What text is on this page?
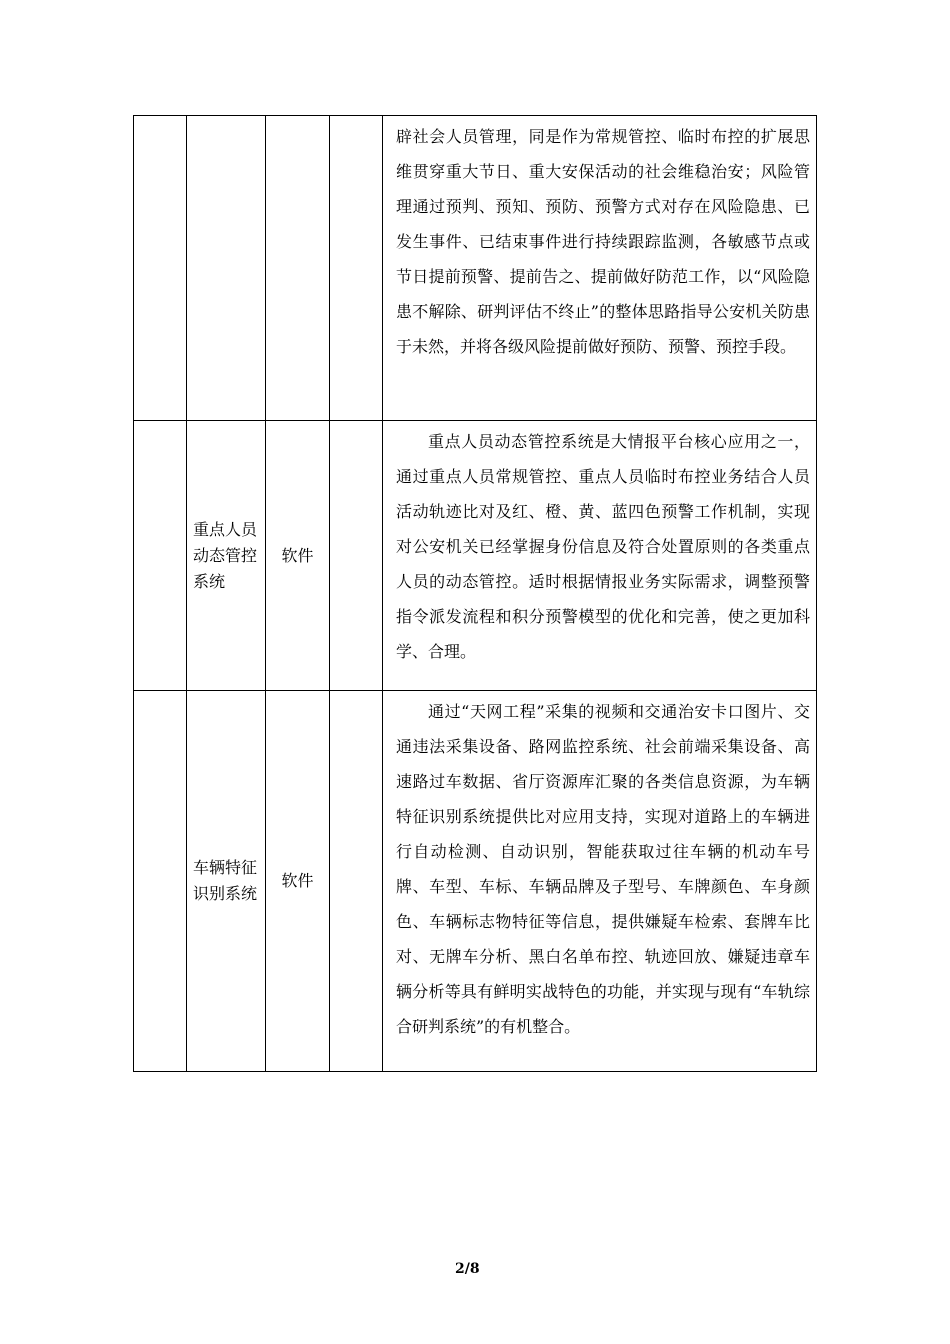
				辟社会人员管理，同是作为常规管控、临时布控的扩展思维贯穿重大节日、重大安保活动的社会维稳治安；风险管理通过预判、预知、预防、预警方式对存在风险隐患、已发生事件、已结束事件进行持续跟踪监测，各敏感节点或节日提前预警、提前告之、提前做好防范工作，以“风险隐患不解除、研判评估不终止”的整体思路指导公安机关防患于未然，并将各级风险提前做好预防、预警、预控手段。

	重点人员动态管控系统	软件		重点人员动态管控系统是大情报平台核心应用之一，通过重点人员常规管控、重点人员临时布控业务结合人员活动轨迹比对及红、橙、黄、蓝四色预警工作机制，实现对公安机关已经掌握身份信息及符合处置原则的各类重点人员的动态管控。适时根据情报业务实际需求，调整预警指令派发流程和积分预警模型的优化和完善，使之更加科学、合理。

	车辆特征识别系统	软件		通过“天网工程”采集的视频和交通治安卡口图片、交通违法采集设备、路网监控系统、社会前端采集设备、高速路过车数据、省厅资源库汇聚的各类信息资源，为车辆特征识别系统提供比对应用支持，实现对道路上的车辆进行自动检测、自动识别，智能获取过往车辆的机动车号牌、车型、车标、车辆品牌及子型号、车牌颜色、车身颜色、车辆标志物特征等信息，提供嫌疑车检索、套牌车比对、无牌车分析、黑白名单布控、轨迹回放、嫌疑违章车辆分析等具有鲜明实战特色的功能，并实现与现有“车轨综合研判系统”的有机整合。

2/8
